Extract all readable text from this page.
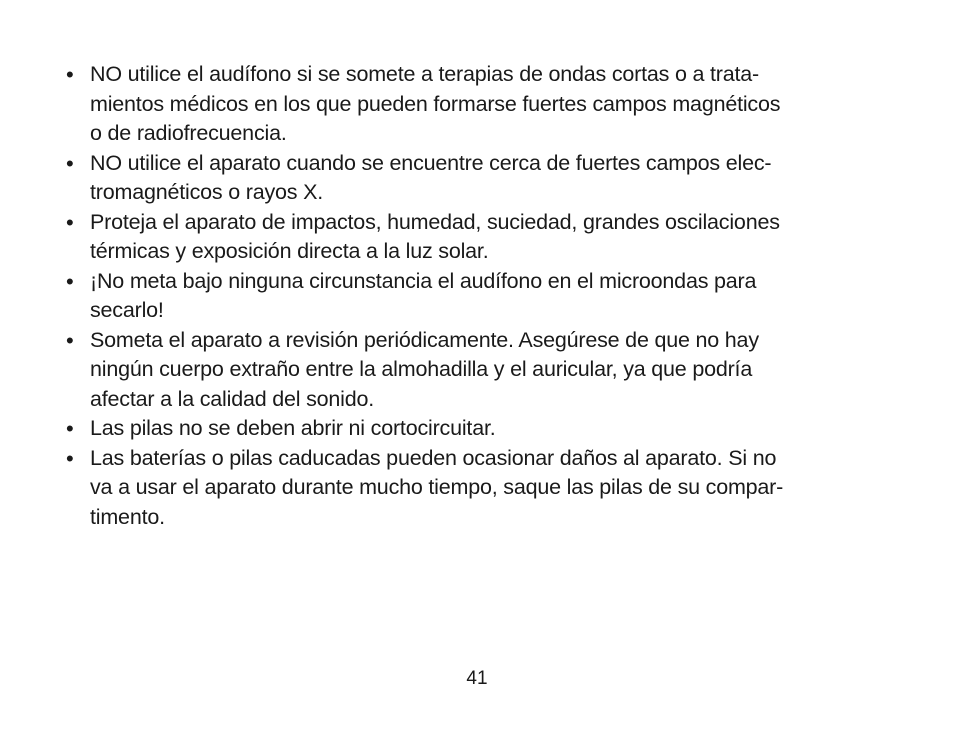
• NO utilice el audífono si se somete a terapias de ondas cortas o a trata-
mientos médicos en los que pueden formarse fuertes campos magnéticos
o de radiofrecuencia.
• NO utilice el aparato cuando se encuentre cerca de fuertes campos elec-
tromagnéticos o rayos X.
• Proteja el aparato de impactos, humedad, suciedad, grandes oscilaciones
térmicas y exposición directa a la luz solar.
• ¡No meta bajo ninguna circunstancia el audífono en el microondas para
secarlo!
• Someta el aparato a revisión periódicamente. Asegúrese de que no hay
ningún cuerpo extraño entre la almohadilla y el auricular, ya que podría
afectar a la calidad del sonido.
• Las pilas no se deben abrir ni cortocircuitar.
• Las baterías o pilas caducadas pueden ocasionar daños al aparato. Si no
va a usar el aparato durante mucho tiempo, saque las pilas de su compar-
timento.
41
